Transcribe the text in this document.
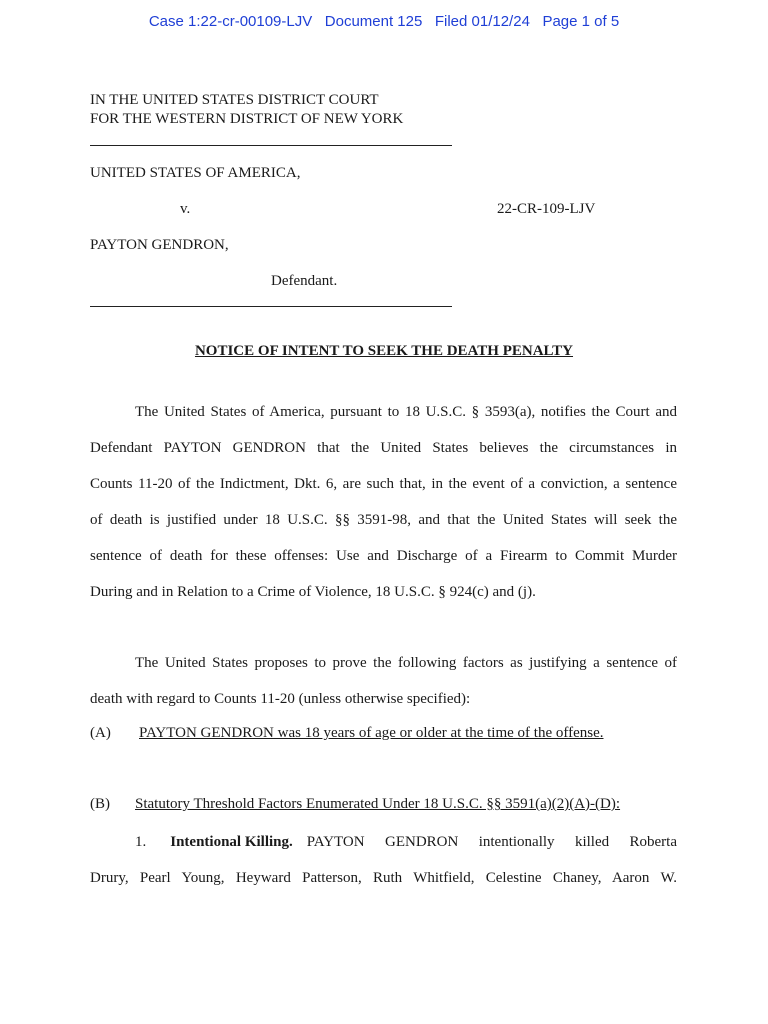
Case 1:22-cr-00109-LJV Document 125 Filed 01/12/24 Page 1 of 5
IN THE UNITED STATES DISTRICT COURT
FOR THE WESTERN DISTRICT OF NEW YORK
UNITED STATES OF AMERICA,
v.	22-CR-109-LJV
PAYTON GENDRON,
Defendant.
NOTICE OF INTENT TO SEEK THE DEATH PENALTY
The United States of America, pursuant to 18 U.S.C. § 3593(a), notifies the Court and
Defendant PAYTON GENDRON that the United States believes the circumstances in
Counts 11-20 of the Indictment, Dkt. 6, are such that, in the event of a conviction, a sentence
of death is justified under 18 U.S.C. §§ 3591-98, and that the United States will seek the
sentence of death for these offenses: Use and Discharge of a Firearm to Commit Murder
During and in Relation to a Crime of Violence, 18 U.S.C. § 924(c) and (j).
The United States proposes to prove the following factors as justifying a sentence of
death with regard to Counts 11-20 (unless otherwise specified):
(A) PAYTON GENDRON was 18 years of age or older at the time of the offense.
(B) Statutory Threshold Factors Enumerated Under 18 U.S.C. §§ 3591(a)(2)(A)-(D):
1. Intentional Killing. PAYTON GENDRON intentionally killed Roberta
Drury, Pearl Young, Heyward Patterson, Ruth Whitfield, Celestine Chaney, Aaron W.
